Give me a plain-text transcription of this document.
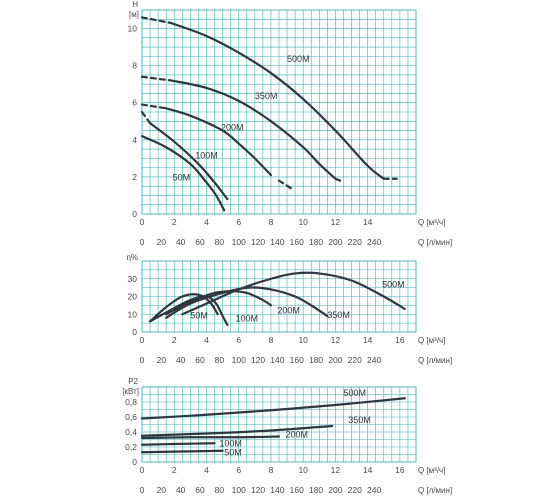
0
2
4
6
8
10
0	2	4	6	8	10	12	14
0 20 40 60 80 100 120 140 160 180 200 220 240
H
[м]
Q [м³/ч]
Q [л/мин]
500M
350M
200M
100M
50M
0
10
20
30
0	2	4	6	8	10	12	14	16
0 20 40 60 80 100 120 140 160 180 200 220 240
η%
Q [м³/ч]
Q [л/мин]
500M
350M
200M
100M
50M
0
0,2
0,4
0,6
0,8
0	2	4	6	8	10	12	14	16
0 20 40 60 80 100 120 140 160 180 200 220 240
P2
[кВт]
Q [м³/ч]
Q [л/мин]
500M
350M
200M
100M
50M
